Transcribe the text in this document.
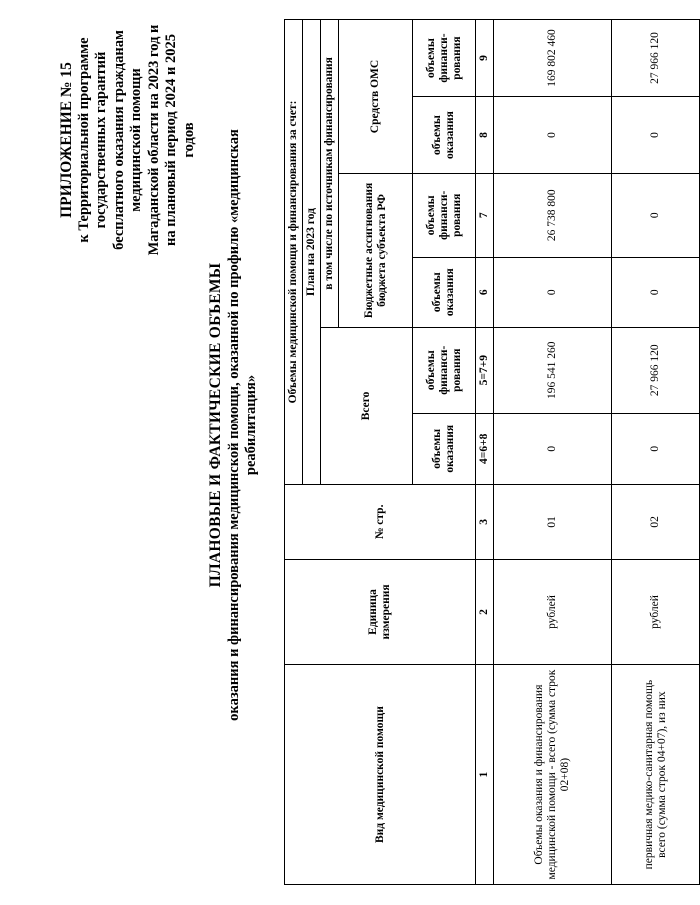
ПРИЛОЖЕНИЕ № 15 к Территориальной программе государственных гарантий бесплатного оказания гражданам медицинской помощи Магаданской области на 2023 год и на плановый период 2024 и 2025 годов
ПЛАНОВЫЕ И ФАКТИЧЕСКИЕ ОБЪЕМЫ оказания и финансирования медицинской помощи, оказанной по профилю «медицинская реабилитация»
Вид медицинской помощи	Единица измерения	№ стр.	Объемы медицинской помощи и финансирования за счет:					
			План на 2023 год					
			Всего		в том числе по источникам финансирования			
					Бюджетные ассигнования бюджета субъекта РФ		Средств ОМС	
			объемы оказания	объемы финанси-рования	объемы оказания	объемы финанси-рования	объемы оказания	объемы финанси-рования
1	2	3	4=6+8	5=7+9	6	7	8	9
Объемы оказания и финансирования медицинской помощи - всего (сумма строк 02+08)	рублей	01	0	196 541 260	0	26 738 800	0	169 802 460
первичная медико-санитарная помощь всего (сумма строк 04+07), из них	рублей	02	0	27 966 120	0	0	0	27 966 120
